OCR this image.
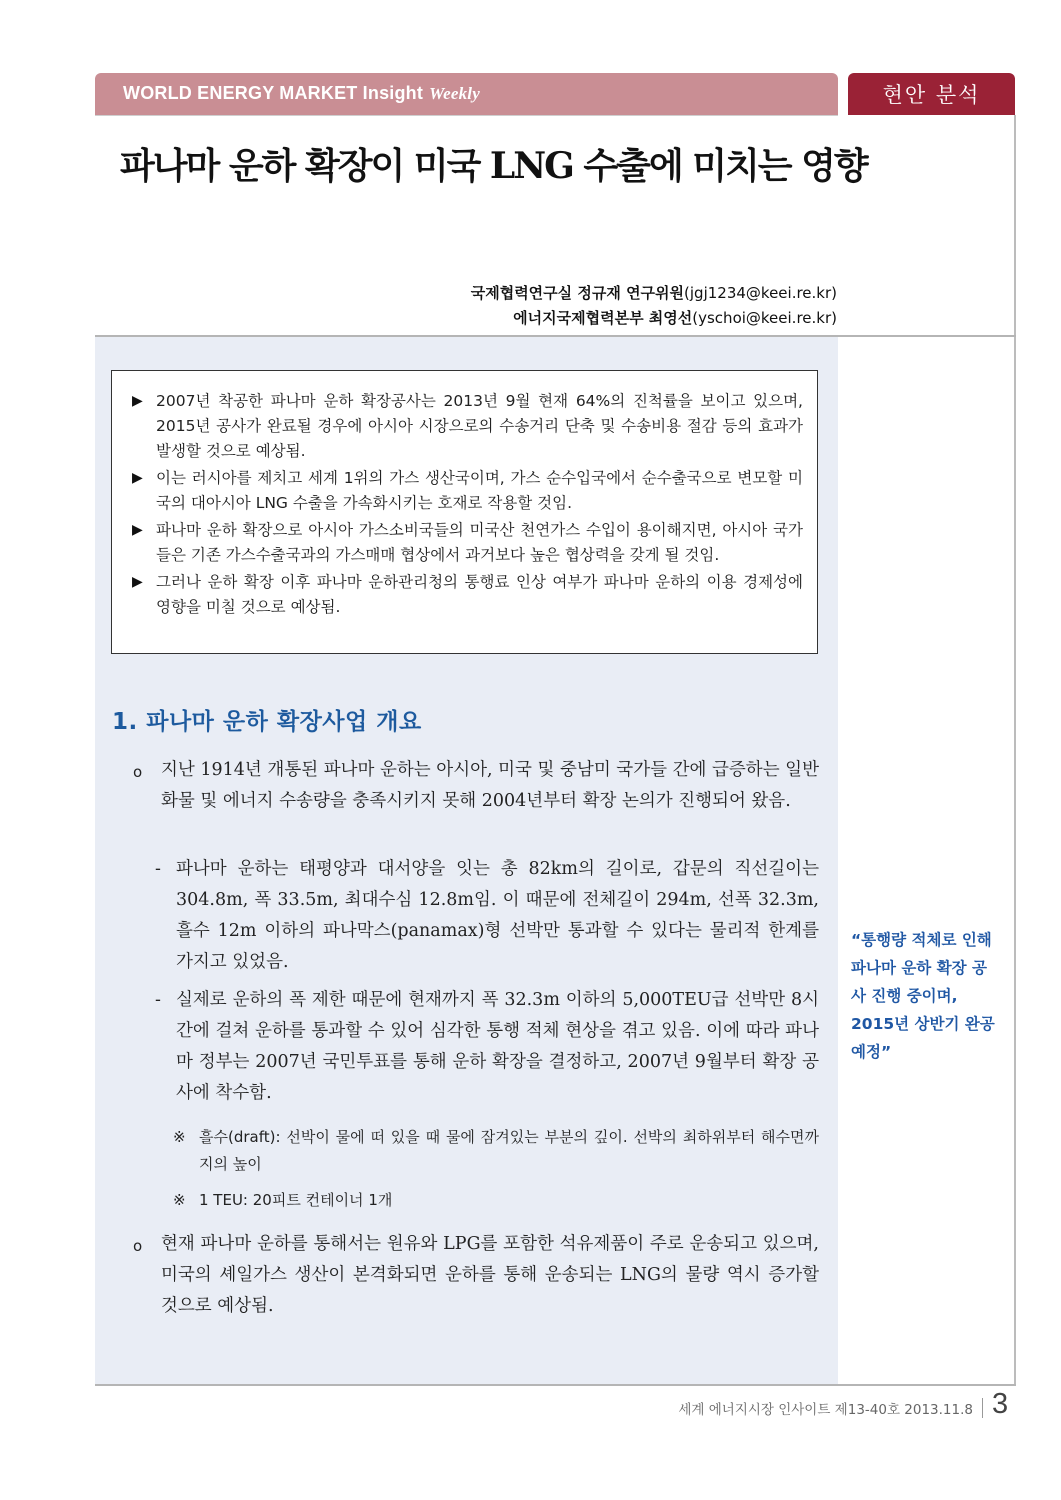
WORLD ENERGY MARKET Insight Weekly	현안 분석
파나마 운하 확장이 미국 LNG 수출에 미치는 영향
국제협력연구실 정규재 연구위원(jgj1234@keei.re.kr)
에너지국제협력본부 최영선(yschoi@keei.re.kr)
▶ 2007년 착공한 파나마 운하 확장공사는 2013년 9월 현재 64%의 진척률을 보이고 있으며, 2015년 공사가 완료될 경우에 아시아 시장으로의 수송거리 단축 및 수송비용 절감 등의 효과가 발생할 것으로 예상됨.
▶ 이는 러시아를 제치고 세계 1위의 가스 생산국이며, 가스 순수입국에서 순수출국으로 변모할 미국의 대아시아 LNG 수출을 가속화시키는 호재로 작용할 것임.
▶ 파나마 운하 확장으로 아시아 가스소비국들의 미국산 천연가스 수입이 용이해지면, 아시아 국가들은 기존 가스수출국과의 가스매매 협상에서 과거보다 높은 협상력을 갖게 될 것임.
▶ 그러나 운하 확장 이후 파나마 운하관리청의 통행료 인상 여부가 파나마 운하의 이용 경제성에 영향을 미칠 것으로 예상됨.
1. 파나마 운하 확장사업 개요
o 지난 1914년 개통된 파나마 운하는 아시아, 미국 및 중남미 국가들 간에 급증하는 일반 화물 및 에너지 수송량을 충족시키지 못해 2004년부터 확장 논의가 진행되어 왔음.
- 파나마 운하는 태평양과 대서양을 잇는 총 82km의 길이로, 갑문의 직선길이는 304.8m, 폭 33.5m, 최대수심 12.8m임. 이 때문에 전체길이 294m, 선폭 32.3m, 흘수 12m 이하의 파나막스(panamax)형 선박만 통과할 수 있다는 물리적 한계를 가지고 있었음.
- 실제로 운하의 폭 제한 때문에 현재까지 폭 32.3m 이하의 5,000TEU급 선박만 8시간에 걸쳐 운하를 통과할 수 있어 심각한 통행 적체 현상을 겪고 있음. 이에 따라 파나마 정부는 2007년 국민투표를 통해 운하 확장을 결정하고, 2007년 9월부터 확장 공사에 착수함.
※ 흘수(draft): 선박이 물에 떠 있을 때 물에 잠겨있는 부분의 깊이. 선박의 최하위부터 해수면까지의 높이
※ 1 TEU: 20피트 컨테이너 1개
o 현재 파나마 운하를 통해서는 원유와 LPG를 포함한 석유제품이 주로 운송되고 있으며, 미국의 셰일가스 생산이 본격화되면 운하를 통해 운송되는 LNG의 물량 역시 증가할 것으로 예상됨.
“통행량 적체로 인해 파나마 운하 확장 공사 진행 중이며, 2015년 상반기 완공 예정”
세계 에너지시장 인사이트 제13-40호 2013.11.8 3
